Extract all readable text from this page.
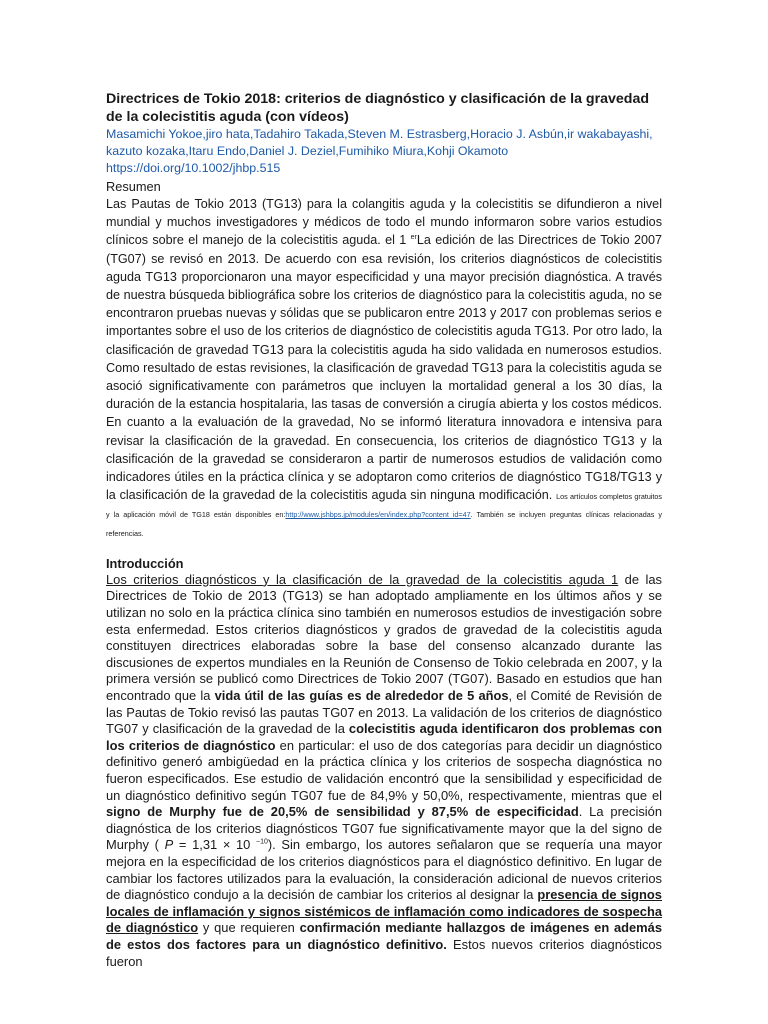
Directrices de Tokio 2018: criterios de diagnóstico y clasificación de la gravedad de la colecistitis aguda (con vídeos)
Masamichi Yokoe,jiro hata,Tadahiro Takada,Steven M. Estrasberg,Horacio J. Asbún,ir wakabayashi, kazuto kozaka,Itaru Endo,Daniel J. Deziel,Fumihiko Miura,Kohji Okamoto
https://doi.org/10.1002/jhbp.515
Resumen
Las Pautas de Tokio 2013 (TG13) para la colangitis aguda y la colecistitis se difundieron a nivel mundial y muchos investigadores y médicos de todo el mundo informaron sobre varios estudios clínicos sobre el manejo de la colecistitis aguda. el 1 $^{er}$La edición de las Directrices de Tokio 2007 (TG07) se revisó en 2013. De acuerdo con esa revisión, los criterios diagnósticos de colecistitis aguda TG13 proporcionaron una mayor especificidad y una mayor precisión diagnóstica. A través de nuestra búsqueda bibliográfica sobre los criterios de diagnóstico para la colecistitis aguda, no se encontraron pruebas nuevas y sólidas que se publicaron entre 2013 y 2017 con problemas serios e importantes sobre el uso de los criterios de diagnóstico de colecistitis aguda TG13. Por otro lado, la clasificación de gravedad TG13 para la colecistitis aguda ha sido validada en numerosos estudios. Como resultado de estas revisiones, la clasificación de gravedad TG13 para la colecistitis aguda se asoció significativamente con parámetros que incluyen la mortalidad general a los 30 días, la duración de la estancia hospitalaria, las tasas de conversión a cirugía abierta y los costos médicos. En cuanto a la evaluación de la gravedad, No se informó literatura innovadora e intensiva para revisar la clasificación de la gravedad. En consecuencia, los criterios de diagnóstico TG13 y la clasificación de la gravedad se consideraron a partir de numerosos estudios de validación como indicadores útiles en la práctica clínica y se adoptaron como criterios de diagnóstico TG18/TG13 y la clasificación de la gravedad de la colecistitis aguda sin ninguna modificación. Los artículos completos gratuitos y la aplicación móvil de TG18 están disponibles en:http://www.jshbps.jp/modules/en/index.php?content_id=47. También se incluyen preguntas clínicas relacionadas y referencias.
Introducción
Los criterios diagnósticos y la clasificación de la gravedad de la colecistitis aguda 1 de las Directrices de Tokio de 2013 (TG13) se han adoptado ampliamente en los últimos años y se utilizan no solo en la práctica clínica sino también en numerosos estudios de investigación sobre esta enfermedad. Estos criterios diagnósticos y grados de gravedad de la colecistitis aguda constituyen directrices elaboradas sobre la base del consenso alcanzado durante las discusiones de expertos mundiales en la Reunión de Consenso de Tokio celebrada en 2007, y la primera versión se publicó como Directrices de Tokio 2007 (TG07). Basado en estudios que han encontrado que la vida útil de las guías es de alrededor de 5 años, el Comité de Revisión de las Pautas de Tokio revisó las pautas TG07 en 2013. La validación de los criterios de diagnóstico TG07 y clasificación de la gravedad de la colecistitis aguda identificaron dos problemas con los criterios de diagnóstico en particular: el uso de dos categorías para decidir un diagnóstico definitivo generó ambigüedad en la práctica clínica y los criterios de sospecha diagnóstica no fueron especificados. Ese estudio de validación encontró que la sensibilidad y especificidad de un diagnóstico definitivo según TG07 fue de 84,9% y 50,0%, respectivamente, mientras que el signo de Murphy fue de 20,5% de sensibilidad y 87,5% de especificidad. La precisión diagnóstica de los criterios diagnósticos TG07 fue significativamente mayor que la del signo de Murphy ( P = 1,31 × 10 $^{-10}$). Sin embargo, los autores señalaron que se requería una mayor mejora en la especificidad de los criterios diagnósticos para el diagnóstico definitivo. En lugar de cambiar los factores utilizados para la evaluación, la consideración adicional de nuevos criterios de diagnóstico condujo a la decisión de cambiar los criterios al designar la presencia de signos locales de inflamación y signos sistémicos de inflamación como indicadores de sospecha de diagnóstico y que requieren confirmación mediante hallazgos de imágenes en además de estos dos factores para un diagnóstico definitivo. Estos nuevos criterios diagnósticos fueron
